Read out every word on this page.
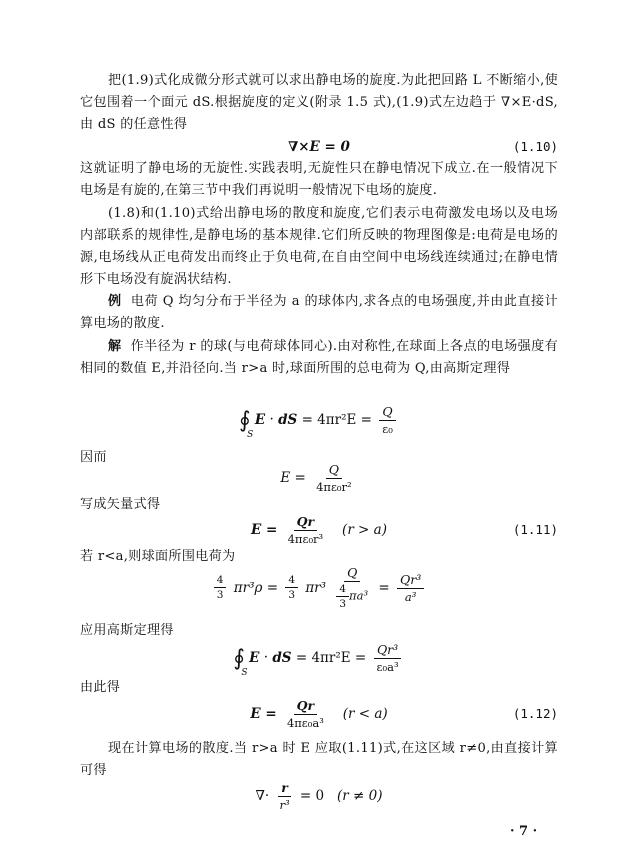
把(1.9)式化成微分形式就可以求出静电场的旋度.为此把回路 L 不断缩小,使它包围着一个面元 dS.根据旋度的定义(附录 1.5 式),(1.9)式左边趋于 ∇×E·dS,由 dS 的任意性得

∇×E = 0	(1.10)

这就证明了静电场的无旋性.实践表明,无旋性只在静电情况下成立.在一般情况下电场是有旋的,在第三节中我们再说明一般情况下电场的旋度.

(1.8)和(1.10)式给出静电场的散度和旋度,它们表示电荷激发电场以及电场内部联系的规律性,是静电场的基本规律.它们所反映的物理图像是:电荷是电场的源,电场线从正电荷发出而终止于负电荷,在自由空间中电场线连续通过;在静电情形下电场没有旋涡状结构.

例 电荷 Q 均匀分布于半径为 a 的球体内,求各点的电场强度,并由此直接计算电场的散度.

解 作半径为 r 的球(与电荷球体同心).由对称性,在球面上各点的电场强度有相同的数值 E,并沿径向.当 r>a 时,球面所围的总电荷为 Q,由高斯定理得

∮
S
E · dS = $4\pi r^2E = \frac{Q}{\text{ε₀}}$

因而

$E = \frac{Q}{\text{4πε₀r²}}$

写成矢量式得

$E = \frac{Qr}{\text{4πε₀r³}} (r > a)$	(1.11)

若 r<a,则球面所围电荷为

$\frac{4}{3} \pi r^3\rho = \frac{4}{3} \pi r^3 \frac{Q}{\frac{4}{3} \pi a^3} = \frac{\text{Qr³}}{\text{a³}}$

应用高斯定理得

∮
S
E · dS = $4\pi r^2E = \frac{\text{Qr³}}{\text{ε₀a³}}$

由此得

$E = \frac{Qr}{\text{4πε₀a³}} (r < a)$	(1.12)

现在计算电场的散度.当 r>a 时 E 应取(1.11)式,在这区域 r≠0,由直接计算可得

∇· $\frac{r}{\text{r³}} = 0$ (r ≠ 0)
· 7 ·
